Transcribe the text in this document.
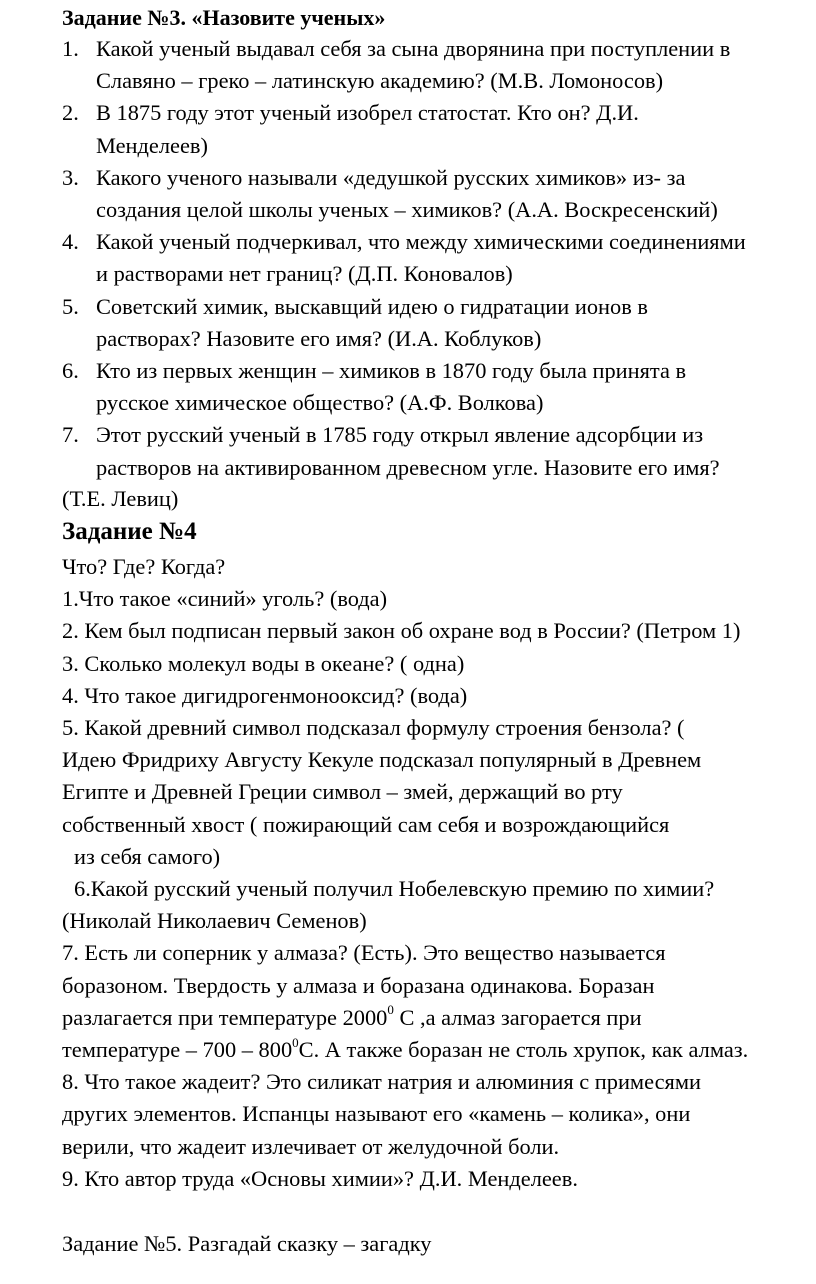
Задание №3. «Назовите ученых»
1. Какой ученый выдавал себя за сына дворянина при поступлении в
Славяно – греко – латинскую академию? (М.В. Ломоносов)
2. В 1875 году этот ученый изобрел статостат. Кто он? Д.И.
Менделеев)
3. Какого ученого называли «дедушкой русских химиков» из- за
создания целой школы ученых – химиков? (А.А. Воскресенский)
4. Какой ученый подчеркивал, что между химическими соединениями
и растворами нет границ? (Д.П. Коновалов)
5. Советский химик, выскавщий идею о гидратации ионов в
растворах? Назовите его имя? (И.А. Коблуков)
6. Кто из первых женщин – химиков в 1870 году была принята в
русское химическое общество? (А.Ф. Волкова)
7. Этот русский ученый в 1785 году открыл явление адсорбции из
растворов на активированном древесном угле. Назовите его имя?
(Т.Е. Левиц)
Задание №4

Что? Где? Когда?

1.Что такое «синий» уголь? (вода)

2. Кем был подписан первый закон об охране вод в России? (Петром 1)

3. Сколько молекул воды в океане? ( одна)

4. Что такое дигидрогенмонооксид? (вода)

5. Какой древний символ подсказал формулу строения бензола? (

Идею Фридриху Августу Кекуле подсказал популярный в Древнем

Египте и Древней Греции символ – змей, держащий во рту

собственный хвост ( пожирающий сам себя и возрождающийся

из себя самого)

6.Какой русский ученый получил Нобелевскую премию по химии?

(Николай Николаевич Семенов)

7. Есть ли соперник у алмаза? (Есть). Это вещество называется

боразоном. Твердость у алмаза и боразана одинакова. Боразан

разлагается при температуре 2000$^0$ С ,а алмаз загорается при

температуре – $700 - 800^0С$. А также боразан не столь хрупок, как алмаз.

8. Что такое жадеит? Это силикат натрия и алюминия с примесями

других элементов. Испанцы называют его «камень – колика», они

верили, что жадеит излечивает от желудочной боли.

9. Кто автор труда «Основы химии»? Д.И. Менделеев.

Задание №5. Разгадай сказку – загадку
